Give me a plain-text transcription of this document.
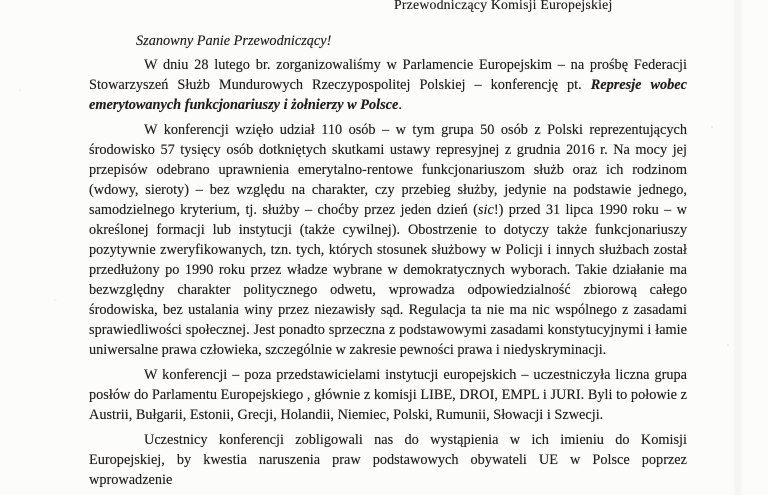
Przewodniczący Komisji Europejskiej

Szanowny Panie Przewodniczący!

W dniu 28 lutego br. zorganizowaliśmy w Parlamencie Europejskim – na prośbę Federacji Stowarzyszeń Służb Mundurowych Rzeczypospolitej Polskiej – konferencję pt. Represje wobec emerytowanych funkcjonariuszy i żołnierzy w Polsce.

W konferencji wzięło udział 110 osób – w tym grupa 50 osób z Polski reprezentujących środowisko 57 tysięcy osób dotkniętych skutkami ustawy represyjnej z grudnia 2016 r. Na mocy jej przepisów odebrano uprawnienia emerytalno-rentowe funkcjonariuszom służb oraz ich rodzinom (wdowy, sieroty) – bez względu na charakter, czy przebieg służby, jedynie na podstawie jednego, samodzielnego kryterium, tj. służby – choćby przez jeden dzień (sic!) przed 31 lipca 1990 roku – w określonej formacji lub instytucji (także cywilnej). Obostrzenie to dotyczy także funkcjonariuszy pozytywnie zweryfikowanych, tzn. tych, których stosunek służbowy w Policji i innych służbach został przedłużony po 1990 roku przez władze wybrane w demokratycznych wyborach. Takie działanie ma bezwzględny charakter politycznego odwetu, wprowadza odpowiedzialność zbiorową całego środowiska, bez ustalania winy przez niezawisły sąd. Regulacja ta nie ma nic wspólnego z zasadami sprawiedliwości społecznej. Jest ponadto sprzeczna z podstawowymi zasadami konstytucyjnymi i łamie uniwersalne prawa człowieka, szczególnie w zakresie pewności prawa i niedyskryminacji.

W konferencji – poza przedstawicielami instytucji europejskich – uczestniczyła liczna grupa posłów do Parlamentu Europejskiego , głównie z komisji LIBE, DROI, EMPL i JURI. Byli to połowie z Austrii, Bułgarii, Estonii, Grecji, Holandii, Niemiec, Polski, Rumunii, Słowacji i Szwecji.

Uczestnicy konferencji zobligowali nas do wystąpienia w ich imieniu do Komisji Europejskiej, by kwestia naruszenia praw podstawowych obywateli UE w Polsce poprzez wprowadzenie
